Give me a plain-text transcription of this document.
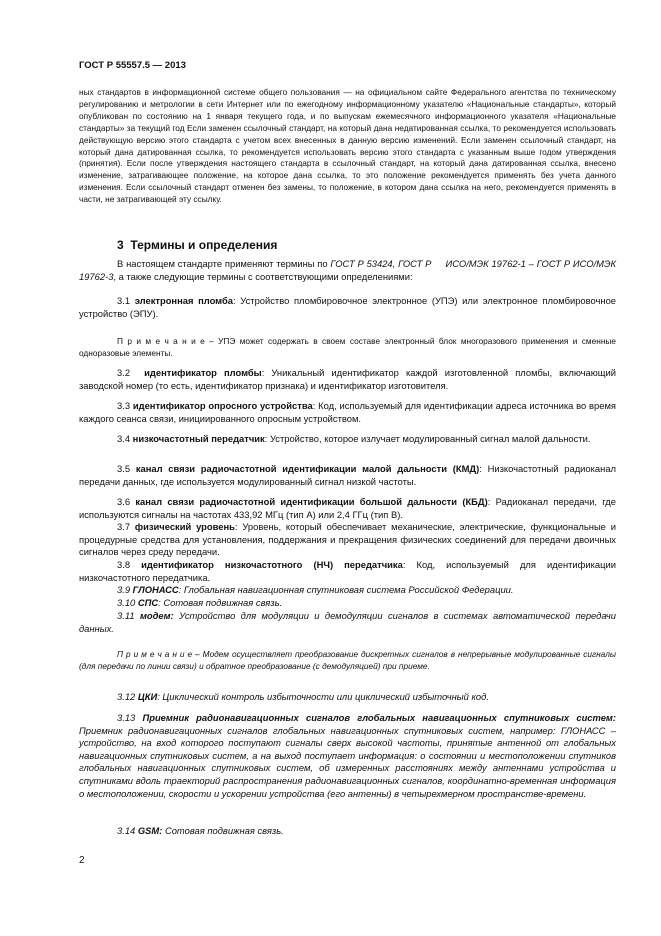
ГОСТ Р 55557.5 — 2013
ных стандартов в информационной системе общего пользования — на официальном сайте Федерального агентства по техническому регулированию и метрологии в сети Интернет или по ежегодному информационному указателю «Национальные стандарты», который опубликован по состоянию на 1 января текущего года, и по выпускам ежемесячного информационного указателя «Национальные стандарты» за текущий год Если заменен ссылочный стандарт, на который дана недатированная ссылка, то рекомендуется использовать действующую версию этого стандарта с учетом всех внесенных в данную версию изменений. Если заменен ссылочный стандарт, на который дана датированная ссылка, то рекомендуется использовать версию этого стандарта с указанным выше годом утверждения (принятия). Если после утверждения настоящего стандарта в ссылочный стандарт, на который дана датированная ссылка, внесено изменение, затрагивающее положение, на которое дана ссылка, то это положение рекомендуется применять без учета данного изменения. Если ссылочный стандарт отменен без замены, то положение, в котором дана ссылка на него, рекомендуется применять в части, не затрагивающей эту ссылку.
3 Термины и определения

В настоящем стандарте применяют термины по ГОСТ Р 53424, ГОСТ Р ИСО/МЭК 19762-1 – ГОСТ Р ИСО/МЭК 19762-3, а также следующие термины с соответствующими определениями:

3.1 электронная пломба: Устройство пломбировочное электронное (УПЭ) или электронное пломбировочное устройство (ЭПУ).

П р и м е ч а н и е – УПЭ может содержать в своем составе электронный блок многоразового применения и сменные одноразовые элементы.

3.2 идентификатор пломбы: Уникальный идентификатор каждой изготовленной пломбы, включающий заводской номер (то есть, идентификатор признака) и идентификатор изготовителя.

3.3 идентификатор опросного устройства: Код, используемый для идентификации адреса источника во время каждого сеанса связи, инициированного опросным устройством.

3.4 низкочастотный передатчик: Устройство, которое излучает модулированный сигнал малой дальности.

3.5 канал связи радиочастотной идентификации малой дальности (КМД): Низкочастотный радиоканал передачи данных, где используется модулированный сигнал низкой частоты.

3.6 канал связи радиочастотной идентификации большой дальности (КБД): Радиоканал передачи, где используются сигналы на частотах 433,92 МГц (тип А) или 2,4 ГГц (тип В).

3.7 физический уровень: Уровень, который обеспечивает механические, электрические, функциональные и процедурные средства для установления, поддержания и прекращения физических соединений для передачи двоичных сигналов через среду передачи.

3.8 идентификатор низкочастотного (НЧ) передатчика: Код, используемый для идентификации низкочастотного передатчика.

3.9 ГЛОНАСС: Глобальная навигационная спутниковая система Российской Федерации.

3.10 СПС: Сотовая подвижная связь.

3.11 модем: Устройство для модуляции и демодуляции сигналов в системах автоматической передачи данных.

П р и м е ч а н и е – Модем осуществляет преобразование дискретных сигналов в непрерывные модулированные сигналы (для передачи по линии связи) и обратное преобразование (с демодуляцией) при приеме.

3.12 ЦКИ: Циклический контроль избыточности или циклический избыточный код.

3.13 Приемник радионавигационных сигналов глобальных навигационных спутниковых систем: Приемник радионавигационных сигналов глобальных навигационных спутниковых систем, например: ГЛОНАСС – устройство, на вход которого поступают сигналы сверх высокой частоты, принятые антенной от глобальных навигационных спутниковых систем, а на выход поступает информация: о состоянии и местоположении спутников глобальных навигационных спутниковых систем, об измеренных расстояниях между антеннами устройства и спутниками вдоль траекторий распространения радионавигационных сигналов, координатно-временная информация о местоположении, скорости и ускорении устройства (его антенны) в четырехмерном пространстве-времени.

3.14 GSM: Сотовая подвижная связь.

2
